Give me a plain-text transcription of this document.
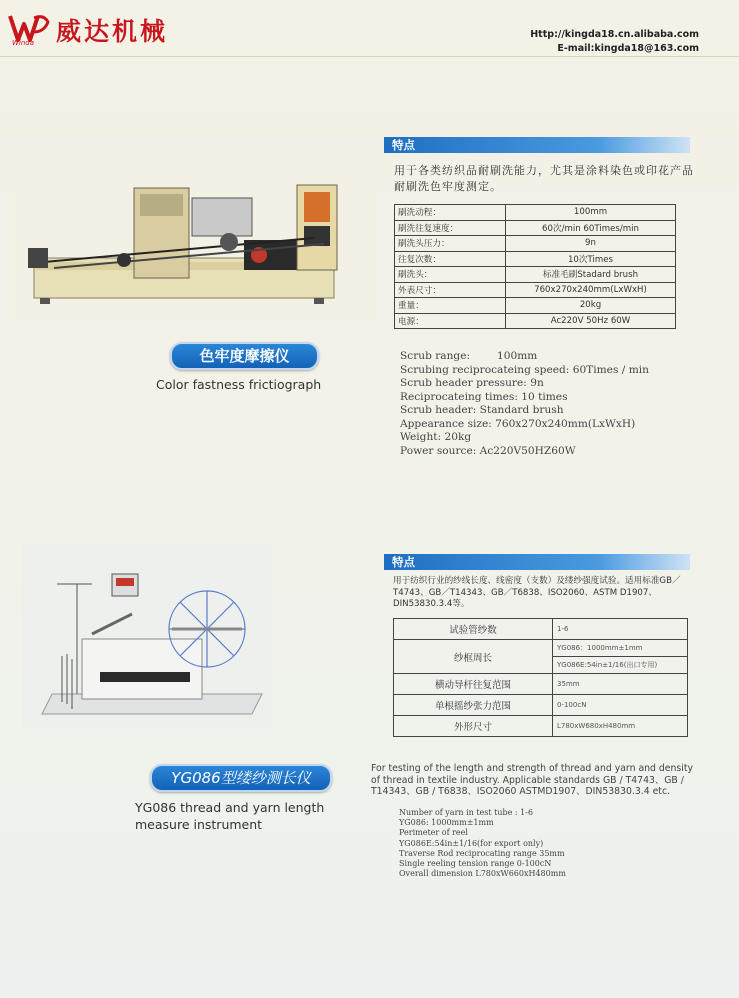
Winda 威达机械	Http://kingda18.cn.alibaba.com
E-mail:kingda18@163.com
色牢度摩擦仪
Color fastness frictiograph
特点
用于各类纺织品耐刷洗能力，尤其是涂料染色或印花产品耐刷洗色牢度测定。
刷洗动程：	100mm
刷洗往复速度：	60次/min 60Times/min
刷洗头压力：	9n
往复次数：	10次Times
刷洗头：	标准毛刷Stadard brush
外表尺寸：	760x270x240mm(LxWxH)
重量：	20kg
电源：	Ac220V 50Hz 60W
Scrub range:        100mm
Scrubing reciprocateing speed: 60Times / min
Scrub header pressure: 9n
Reciprocateing times: 10 times
Scrub header: Standard brush
Appearance size: 760x270x240mm(LxWxH)
Weight: 20kg
Power source: Ac220V50HZ60W
YG086型缕纱测长仪
YG086 thread and yarn length
measure instrument
特点
用于纺织行业的纱线长度、线密度（支数）及缕纱强度试验。适用标准GB／T4743、GB／T14343、GB／T6838、ISO2060、ASTM D1907、DIN53830.3.4等。
试验管纱数	1-6
纱框周长	YG086：1000mm±1mm
	YG086E:54in±1/16(出口专用)
横动导杆往复范围	35mm
单根摇纱张力范围	0-100cN
外形尺寸	L780xW680xH480mm
For testing of the length and strength of thread and yarn and density of thread in textile industry. Applicable standards GB / T4743、GB / T14343、GB / T6838、ISO2060 ASTMD1907、DIN53830.3.4 etc.
Number of yarn in test tube : 1-6
YG086: 1000mm±1mm
Perimeter of reel
YG086E:54in±1/16(for export only)
Traverse Rod reciprocating range 35mm
Single reeling tension range 0-100cN
Overall dimension L780xW660xH480mm
